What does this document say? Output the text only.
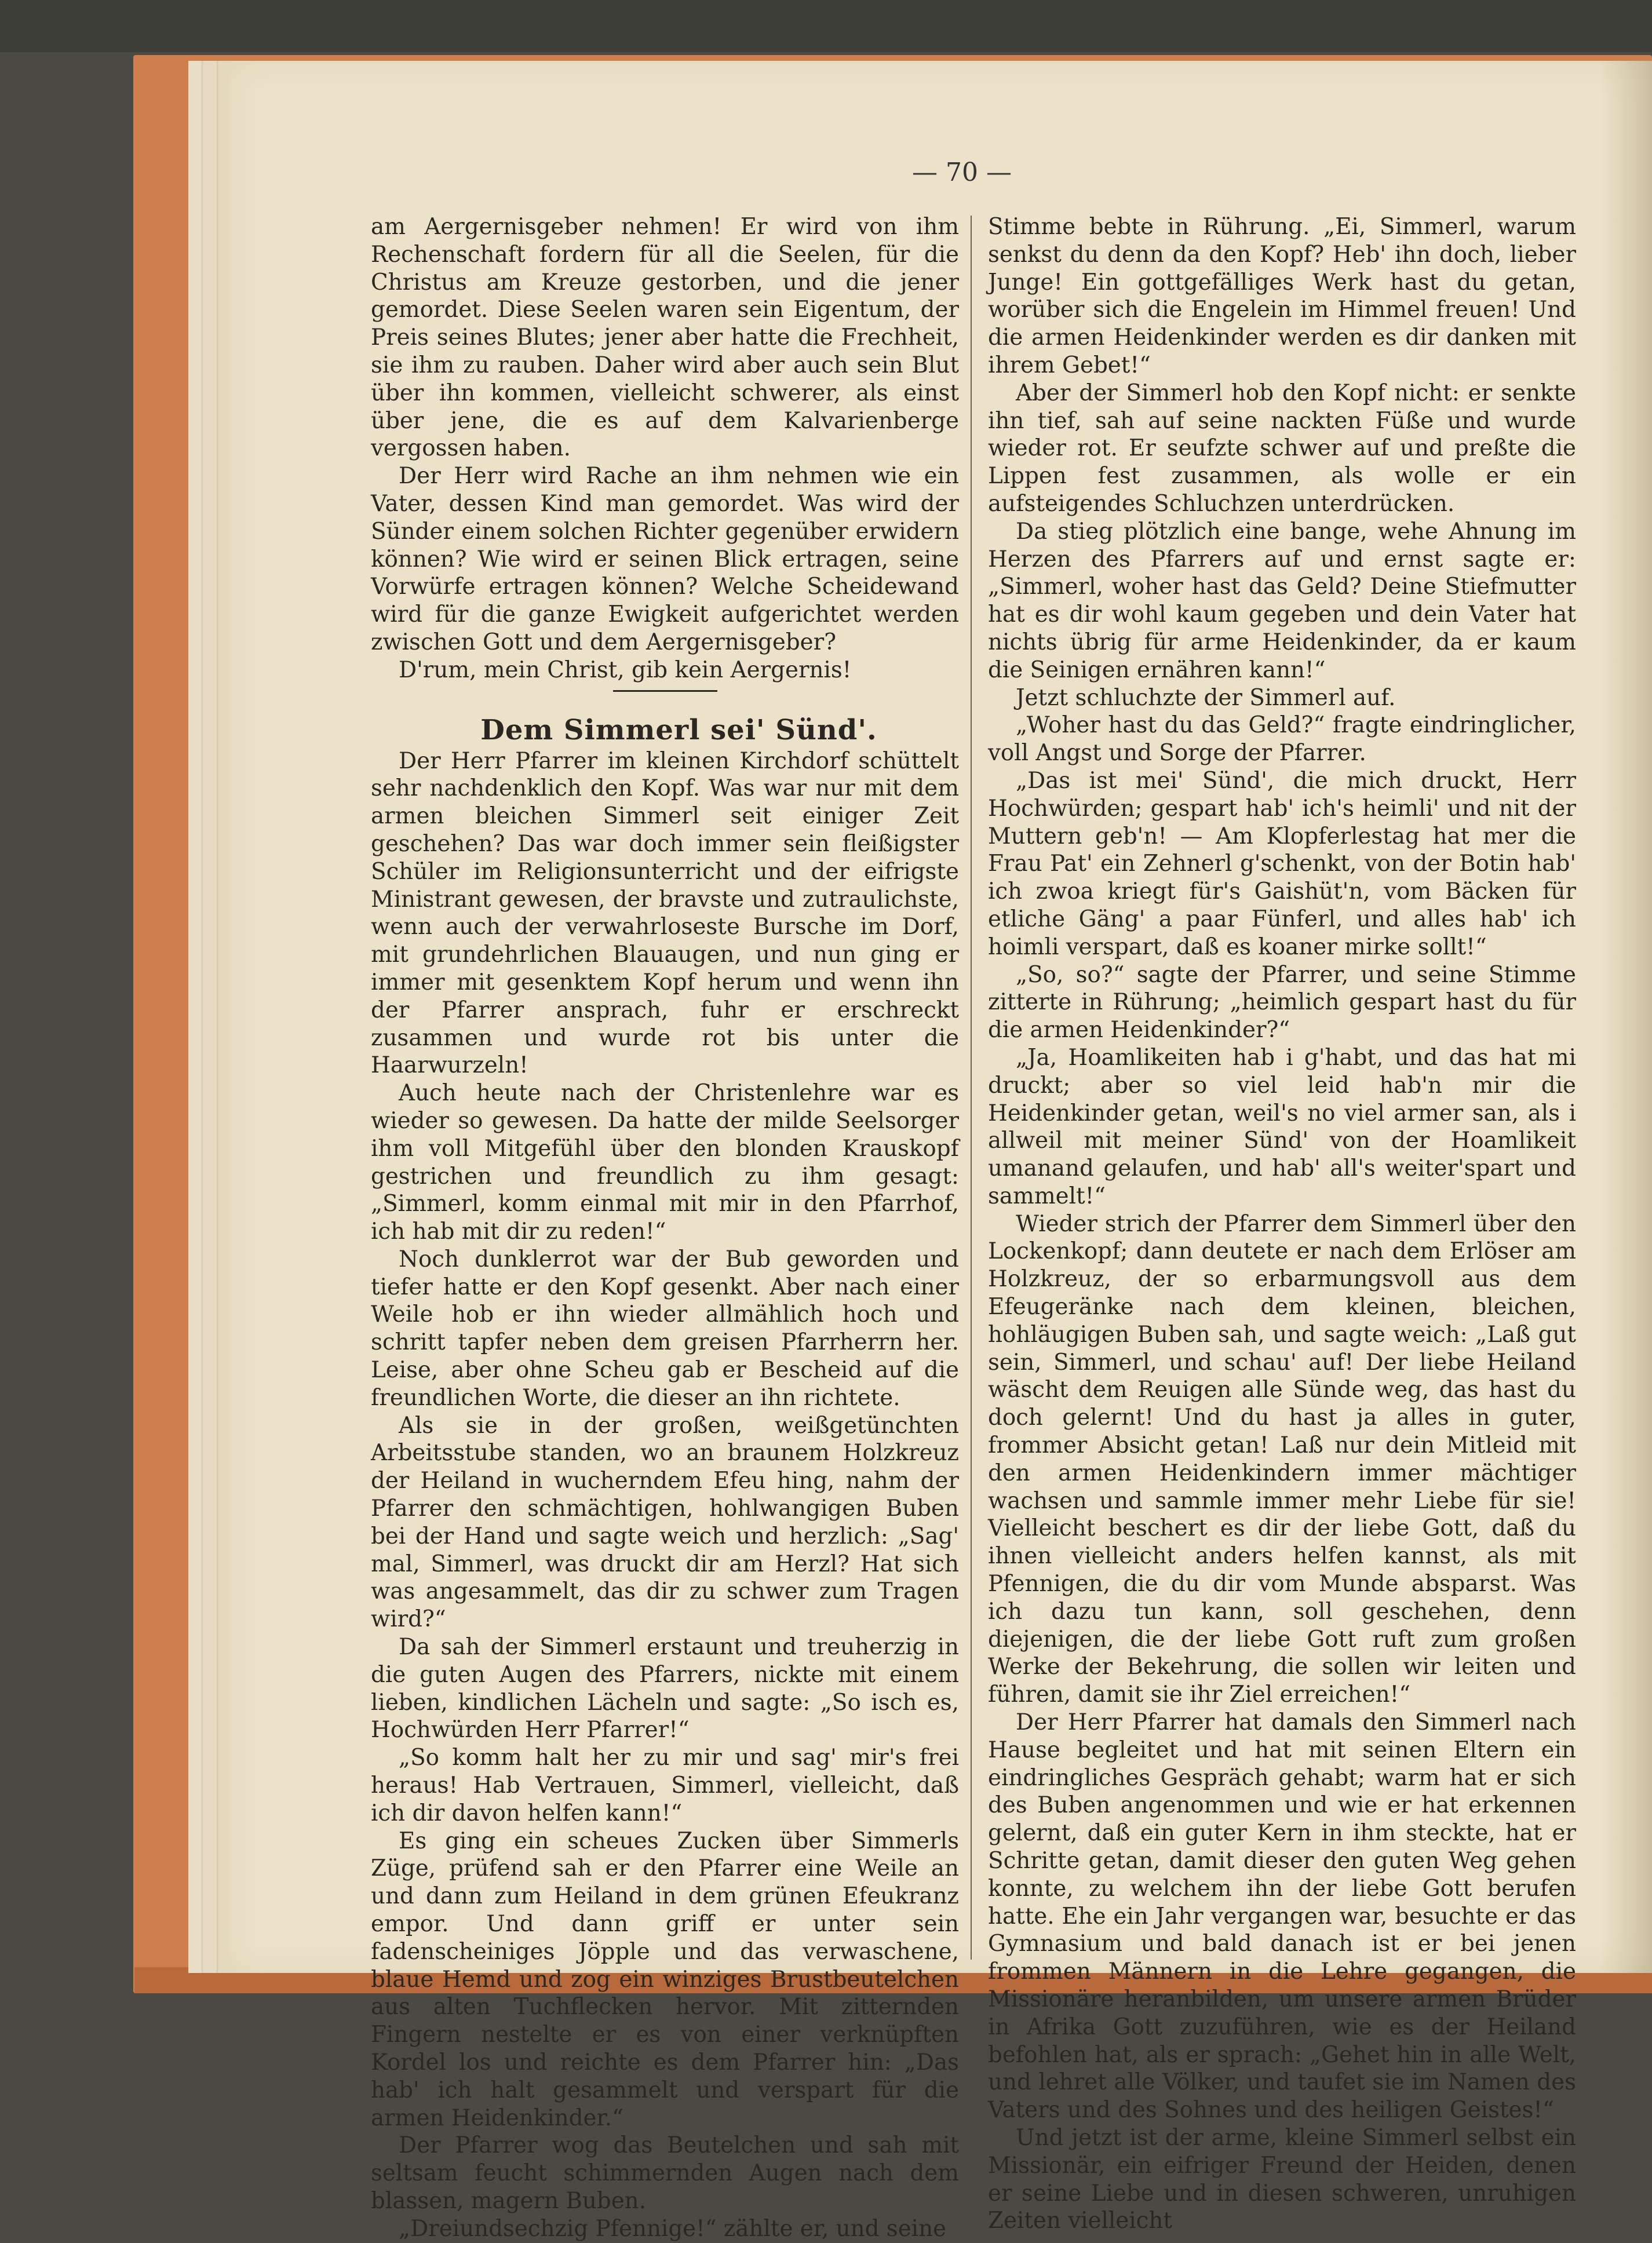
— 70 —

am Aergernisgeber nehmen! Er wird von ihm Rechenschaft fordern für all die Seelen, für die Christus am Kreuze gestorben, und die jener gemordet. Diese Seelen waren sein Eigentum, der Preis seines Blutes; jener aber hatte die Frechheit, sie ihm zu rauben. Daher wird aber auch sein Blut über ihn kommen, vielleicht schwerer, als einst über jene, die es auf dem Kalvarienberge vergossen haben.

Der Herr wird Rache an ihm nehmen wie ein Vater, dessen Kind man gemordet. Was wird der Sünder einem solchen Richter gegenüber erwidern können? Wie wird er seinen Blick ertragen, seine Vorwürfe ertragen können? Welche Scheidewand wird für die ganze Ewigkeit aufgerichtet werden zwischen Gott und dem Aergernisgeber?

D'rum, mein Christ, gib kein Aergernis!

Dem Simmerl sei' Sünd'.

Der Herr Pfarrer im kleinen Kirchdorf schüttelt sehr nachdenklich den Kopf. Was war nur mit dem armen bleichen Simmerl seit einiger Zeit geschehen? Das war doch immer sein fleißigster Schüler im Religionsunterricht und der eifrigste Ministrant gewesen, der bravste und zutraulichste, wenn auch der verwahrloseste Bursche im Dorf, mit grundehrlichen Blauaugen, und nun ging er immer mit gesenktem Kopf herum und wenn ihn der Pfarrer ansprach, fuhr er erschreckt zusammen und wurde rot bis unter die Haarwurzeln!

Auch heute nach der Christenlehre war es wieder so gewesen. Da hatte der milde Seelsorger ihm voll Mitgefühl über den blonden Krauskopf gestrichen und freundlich zu ihm gesagt: „Simmerl, komm einmal mit mir in den Pfarrhof, ich hab mit dir zu reden!“

Noch dunklerrot war der Bub geworden und tiefer hatte er den Kopf gesenkt. Aber nach einer Weile hob er ihn wieder allmählich hoch und schritt tapfer neben dem greisen Pfarrherrn her. Leise, aber ohne Scheu gab er Bescheid auf die freundlichen Worte, die dieser an ihn richtete.

Als sie in der großen, weißgetünchten Arbeitsstube standen, wo an braunem Holzkreuz der Heiland in wucherndem Efeu hing, nahm der Pfarrer den schmächtigen, hohlwangigen Buben bei der Hand und sagte weich und herzlich: „Sag' mal, Simmerl, was druckt dir am Herzl? Hat sich was angesammelt, das dir zu schwer zum Tragen wird?“

Da sah der Simmerl erstaunt und treuherzig in die guten Augen des Pfarrers, nickte mit einem lieben, kindlichen Lächeln und sagte: „So isch es, Hochwürden Herr Pfarrer!“

„So komm halt her zu mir und sag' mir's frei heraus! Hab Vertrauen, Simmerl, vielleicht, daß ich dir davon helfen kann!“

Es ging ein scheues Zucken über Simmerls Züge, prüfend sah er den Pfarrer eine Weile an und dann zum Heiland in dem grünen Efeukranz empor. Und dann griff er unter sein fadenscheiniges Jöpple und das verwaschene, blaue Hemd und zog ein winziges Brustbeutelchen aus alten Tuchflecken hervor. Mit zitternden Fingern nestelte er es von einer verknüpften Kordel los und reichte es dem Pfarrer hin: „Das hab' ich halt gesammelt und verspart für die armen Heidenkinder.“

Der Pfarrer wog das Beutelchen und sah mit seltsam feucht schimmernden Augen nach dem blassen, magern Buben.

„Dreiundsechzig Pfennige!“ zählte er, und seine

Stimme bebte in Rührung. „Ei, Simmerl, warum senkst du denn da den Kopf? Heb' ihn doch, lieber Junge! Ein gottgefälliges Werk hast du getan, worüber sich die Engelein im Himmel freuen! Und die armen Heidenkinder werden es dir danken mit ihrem Gebet!“

Aber der Simmerl hob den Kopf nicht: er senkte ihn tief, sah auf seine nackten Füße und wurde wieder rot. Er seufzte schwer auf und preßte die Lippen fest zusammen, als wolle er ein aufsteigendes Schluchzen unterdrücken.

Da stieg plötzlich eine bange, wehe Ahnung im Herzen des Pfarrers auf und ernst sagte er: „Simmerl, woher hast das Geld? Deine Stiefmutter hat es dir wohl kaum gegeben und dein Vater hat nichts übrig für arme Heidenkinder, da er kaum die Seinigen ernähren kann!“

Jetzt schluchzte der Simmerl auf.

„Woher hast du das Geld?“ fragte eindringlicher, voll Angst und Sorge der Pfarrer.

„Das ist mei' Sünd', die mich druckt, Herr Hochwürden; gespart hab' ich's heimli' und nit der Muttern geb'n! — Am Klopferlestag hat mer die Frau Pat' ein Zehnerl g'schenkt, von der Botin hab' ich zwoa kriegt für's Gaishüt'n, vom Bäcken für etliche Gäng' a paar Fünferl, und alles hab' ich hoimli verspart, daß es koaner mirke sollt!“

„So, so?“ sagte der Pfarrer, und seine Stimme zitterte in Rührung; „heimlich gespart hast du für die armen Heidenkinder?“

„Ja, Hoamlikeiten hab i g'habt, und das hat mi druckt; aber so viel leid hab'n mir die Heidenkinder getan, weil's no viel armer san, als i allweil mit meiner Sünd' von der Hoamlikeit umanand gelaufen, und hab' all's weiter'spart und sammelt!“

Wieder strich der Pfarrer dem Simmerl über den Lockenkopf; dann deutete er nach dem Erlöser am Holzkreuz, der so erbarmungsvoll aus dem Efeugeränke nach dem kleinen, bleichen, hohläugigen Buben sah, und sagte weich: „Laß gut sein, Simmerl, und schau' auf! Der liebe Heiland wäscht dem Reuigen alle Sünde weg, das hast du doch gelernt! Und du hast ja alles in guter, frommer Absicht getan! Laß nur dein Mitleid mit den armen Heidenkindern immer mächtiger wachsen und sammle immer mehr Liebe für sie! Vielleicht beschert es dir der liebe Gott, daß du ihnen vielleicht anders helfen kannst, als mit Pfennigen, die du dir vom Munde absparst. Was ich dazu tun kann, soll geschehen, denn diejenigen, die der liebe Gott ruft zum großen Werke der Bekehrung, die sollen wir leiten und führen, damit sie ihr Ziel erreichen!“

Der Herr Pfarrer hat damals den Simmerl nach Hause begleitet und hat mit seinen Eltern ein eindringliches Gespräch gehabt; warm hat er sich des Buben angenommen und wie er hat erkennen gelernt, daß ein guter Kern in ihm steckte, hat er Schritte getan, damit dieser den guten Weg gehen konnte, zu welchem ihn der liebe Gott berufen hatte. Ehe ein Jahr vergangen war, besuchte er das Gymnasium und bald danach ist er bei jenen frommen Männern in die Lehre gegangen, die Missionäre heranbilden, um unsere armen Brüder in Afrika Gott zuzuführen, wie es der Heiland befohlen hat, als er sprach: „Gehet hin in alle Welt, und lehret alle Völker, und taufet sie im Namen des Vaters und des Sohnes und des heiligen Geistes!“

Und jetzt ist der arme, kleine Simmerl selbst ein Missionär, ein eifriger Freund der Heiden, denen er seine Liebe und in diesen schweren, unruhigen Zeiten vielleicht
